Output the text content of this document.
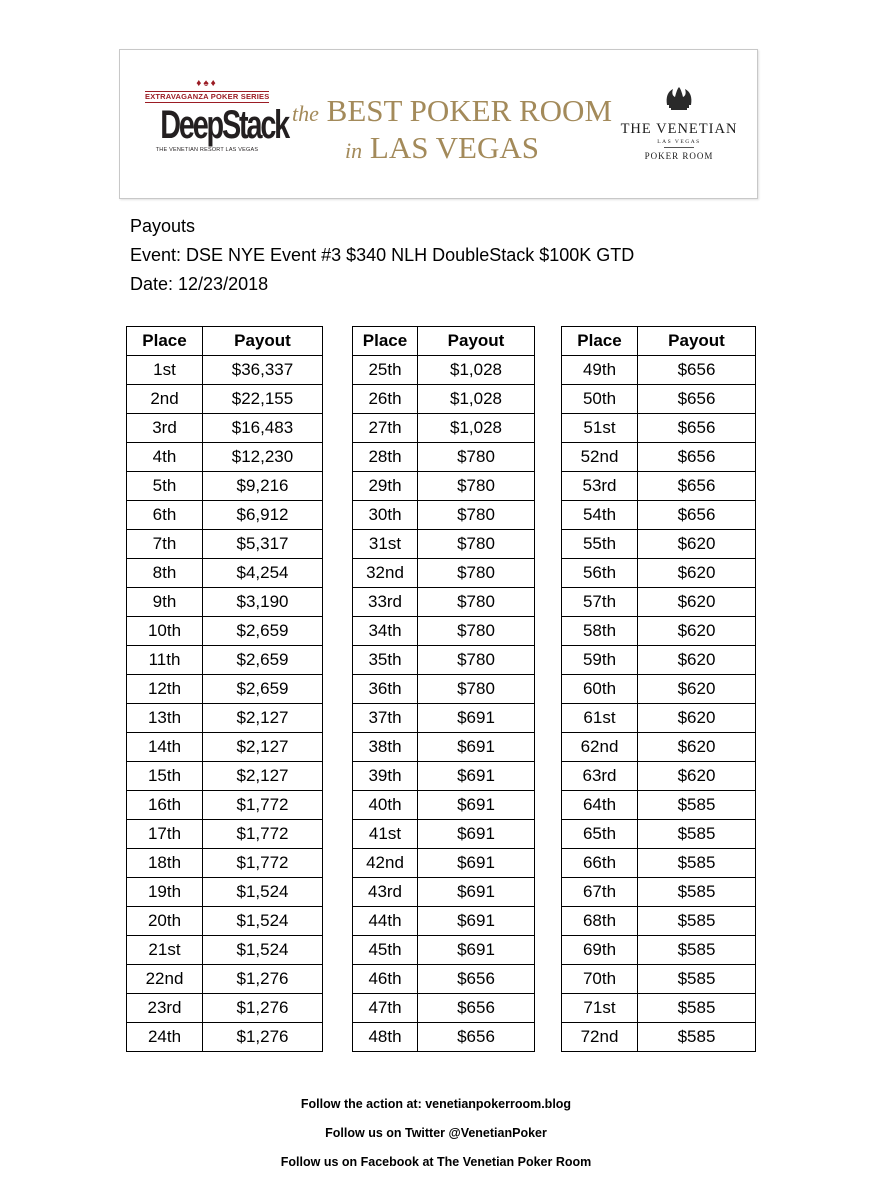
♦♠♦
EXTRAVAGANZA POKER SERIES
DeepStack
THE VENETIAN RESORT LAS VEGAS
the BEST POKER ROOM
in LAS VEGAS
THE VENETIAN
LAS VEGAS
POKER ROOM
Payouts
Event: DSE NYE Event #3 $340 NLH DoubleStack $100K GTD
Date: 12/23/2018
Place	Payout
1st	$36,337
2nd	$22,155
3rd	$16,483
4th	$12,230
5th	$9,216
6th	$6,912
7th	$5,317
8th	$4,254
9th	$3,190
10th	$2,659
11th	$2,659
12th	$2,659
13th	$2,127
14th	$2,127
15th	$2,127
16th	$1,772
17th	$1,772
18th	$1,772
19th	$1,524
20th	$1,524
21st	$1,524
22nd	$1,276
23rd	$1,276
24th	$1,276
Place	Payout
25th	$1,028
26th	$1,028
27th	$1,028
28th	$780
29th	$780
30th	$780
31st	$780
32nd	$780
33rd	$780
34th	$780
35th	$780
36th	$780
37th	$691
38th	$691
39th	$691
40th	$691
41st	$691
42nd	$691
43rd	$691
44th	$691
45th	$691
46th	$656
47th	$656
48th	$656
Place	Payout
49th	$656
50th	$656
51st	$656
52nd	$656
53rd	$656
54th	$656
55th	$620
56th	$620
57th	$620
58th	$620
59th	$620
60th	$620
61st	$620
62nd	$620
63rd	$620
64th	$585
65th	$585
66th	$585
67th	$585
68th	$585
69th	$585
70th	$585
71st	$585
72nd	$585
Follow the action at: venetianpokerroom.blog
Follow us on Twitter @VenetianPoker
Follow us on Facebook at The Venetian Poker Room
